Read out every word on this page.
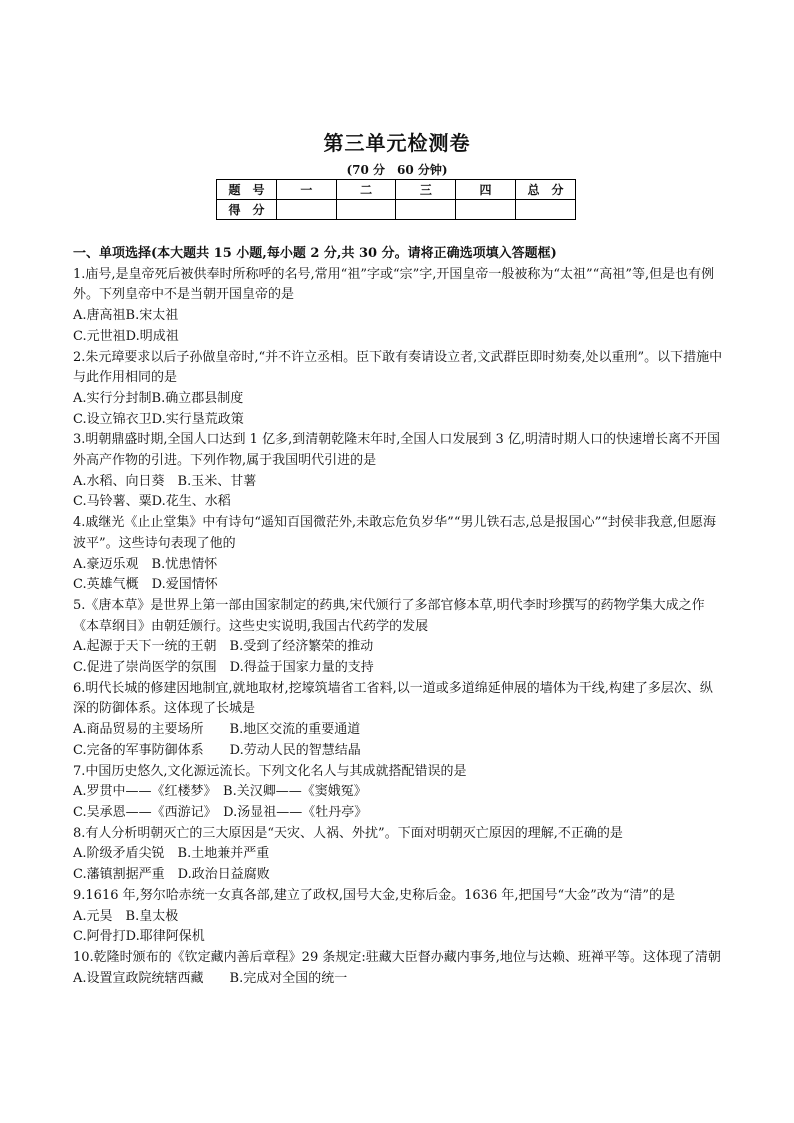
第三单元检测卷
(70 分　60 分钟)
题　号	一	二	三	四	总　分
得　分					
一、单项选择(本大题共 15 小题,每小题 2 分,共 30 分。请将正确选项填入答题框)
1.庙号,是皇帝死后被供奉时所称呼的名号,常用“祖”字或“宗”字,开国皇帝一般被称为“太祖”“高祖”等,但是也有例外。下列皇帝中不是当朝开国皇帝的是
A.唐高祖B.宋太祖
C.元世祖D.明成祖
2.朱元璋要求以后子孙做皇帝时,“并不许立丞相。臣下敢有奏请设立者,文武群臣即时劾奏,处以重刑”。以下措施中与此作用相同的是
A.实行分封制B.确立郡县制度
C.设立锦衣卫D.实行垦荒政策
3.明朝鼎盛时期,全国人口达到 1 亿多,到清朝乾隆末年时,全国人口发展到 3 亿,明清时期人口的快速增长离不开国外高产作物的引进。下列作物,属于我国明代引进的是
A.水稻、向日葵　B.玉米、甘薯
C.马铃薯、粟D.花生、水稻
4.戚继光《止止堂集》中有诗句“遥知百国微茫外,未敢忘危负岁华”“男儿铁石志,总是报国心”“封侯非我意,但愿海波平”。这些诗句表现了他的
A.豪迈乐观　B.忧患情怀
C.英雄气概　D.爱国情怀
5.《唐本草》是世界上第一部由国家制定的药典,宋代颁行了多部官修本草,明代李时珍撰写的药物学集大成之作《本草纲目》由朝廷颁行。这些史实说明,我国古代药学的发展
A.起源于天下一统的王朝　B.受到了经济繁荣的推动
C.促进了崇尚医学的氛围　D.得益于国家力量的支持
6.明代长城的修建因地制宜,就地取材,挖壕筑墙省工省料,以一道或多道绵延伸展的墙体为干线,构建了多层次、纵深的防御体系。这体现了长城是
A.商品贸易的主要场所　　B.地区交流的重要通道
C.完备的军事防御体系　　D.劳动人民的智慧结晶
7.中国历史悠久,文化源远流长。下列文化名人与其成就搭配错误的是
A.罗贯中——《红楼梦》　B.关汉卿——《窦娥冤》
C.吴承恩——《西游记》　D.汤显祖——《牡丹亭》
8.有人分析明朝灭亡的三大原因是“天灾、人祸、外扰”。下面对明朝灭亡原因的理解,不正确的是
A.阶级矛盾尖锐　B.土地兼并严重
C.藩镇割据严重　D.政治日益腐败
9.1616 年,努尔哈赤统一女真各部,建立了政权,国号大金,史称后金。1636 年,把国号“大金”改为“清”的是
A.元昊　B.皇太极
C.阿骨打D.耶律阿保机
10.乾隆时颁布的《钦定藏内善后章程》29 条规定:驻藏大臣督办藏内事务,地位与达赖、班禅平等。这体现了清朝
A.设置宣政院统辖西藏　　B.完成对全国的统一
